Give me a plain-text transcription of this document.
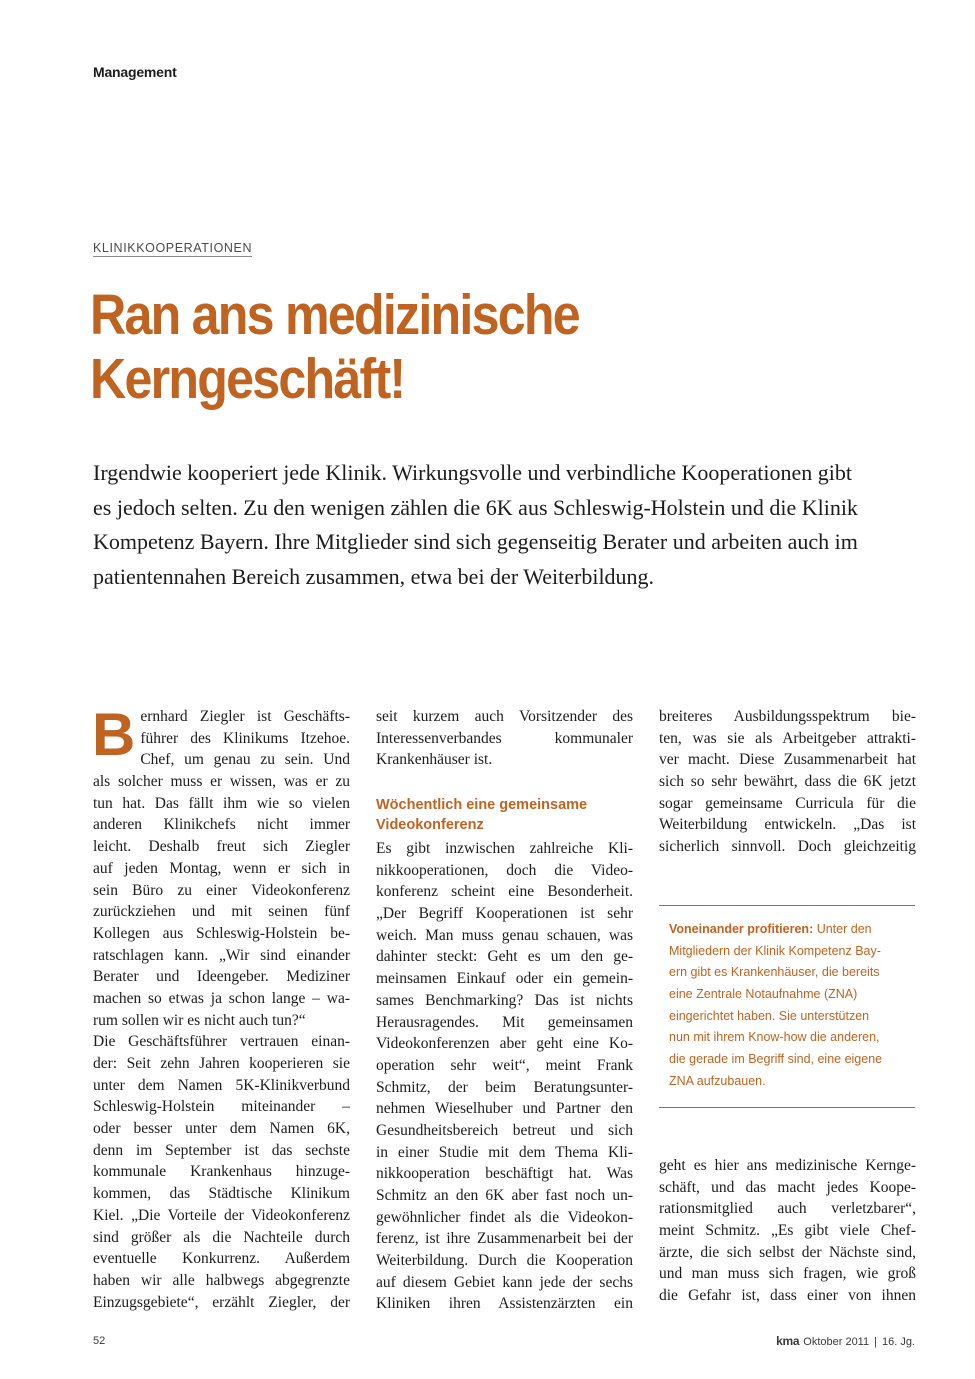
Management
KLINIKKOOPERATIONEN
Ran ans medizinische
Kerngeschäft!

Irgendwie kooperiert jede Klinik. Wirkungsvolle und verbindliche Kooperationen gibt
es jedoch selten. Zu den wenigen zählen die 6K aus Schleswig-Holstein und die Klinik
Kompetenz Bayern. Ihre Mitglieder sind sich gegenseitig Berater und arbeiten auch im
patientennahen Bereich zusammen, etwa bei der Weiterbildung.

B ernhard Ziegler ist Geschäfts-
führer des Klinikums Itzehoe.
Chef, um genau zu sein. Und
als solcher muss er wissen, was er zu
tun hat. Das fällt ihm wie so vielen
anderen Klinikchefs nicht immer
leicht. Deshalb freut sich Ziegler
auf jeden Montag, wenn er sich in
sein Büro zu einer Videokonferenz
zurückziehen und mit seinen fünf
Kollegen aus Schleswig-Holstein be-
ratschlagen kann. „Wir sind einander
Berater und Ideengeber. Mediziner
machen so etwas ja schon lange – wa-
rum sollen wir es nicht auch tun?“
Die Geschäftsführer vertrauen einan-
der: Seit zehn Jahren kooperieren sie
unter dem Namen 5K-Klinikverbund
Schleswig-Holstein miteinander –
oder besser unter dem Namen 6K,
denn im September ist das sechste
kommunale Krankenhaus hinzuge-
kommen, das Städtische Klinikum
Kiel. „Die Vorteile der Videokonferenz
sind größer als die Nachteile durch
eventuelle Konkurrenz. Außerdem
haben wir alle halbwegs abgegrenzte
Einzugsgebiete“, erzählt Ziegler, der
seit kurzem auch Vorsitzender des
Interessenverbandes kommunaler
Krankenhäuser ist.
Wöchentlich eine gemeinsame
Videokonferenz
Es gibt inzwischen zahlreiche Kli-
nikkooperationen, doch die Video-
konferenz scheint eine Besonderheit.
„Der Begriff Kooperationen ist sehr
weich. Man muss genau schauen, was
dahinter steckt: Geht es um den ge-
meinsamen Einkauf oder ein gemein-
sames Benchmarking? Das ist nichts
Herausragendes. Mit gemeinsamen
Videokonferenzen aber geht eine Ko-
operation sehr weit“, meint Frank
Schmitz, der beim Beratungsunter-
nehmen Wieselhuber und Partner den
Gesundheitsbereich betreut und sich
in einer Studie mit dem Thema Kli-
nikkooperation beschäftigt hat. Was
Schmitz an den 6K aber fast noch un-
gewöhnlicher findet als die Videokon-
ferenz, ist ihre Zusammenarbeit bei der
Weiterbildung. Durch die Kooperation
auf diesem Gebiet kann jede der sechs
Kliniken ihren Assistenzärzten ein
breiteres Ausbildungsspektrum bie-
ten, was sie als Arbeitgeber attrakti-
ver macht. Diese Zusammenarbeit hat
sich so sehr bewährt, dass die 6K jetzt
sogar gemeinsame Curricula für die
Weiterbildung entwickeln. „Das ist
sicherlich sinnvoll. Doch gleichzeitig
Voneinander profitieren: Unter den
Mitgliedern der Klinik Kompetenz Bay-
ern gibt es Krankenhäuser, die bereits
eine Zentrale Notaufnahme (ZNA)
eingerichtet haben. Sie unterstützen
nun mit ihrem Know-how die anderen,
die gerade im Begriff sind, eine eigene
ZNA aufzubauen.
geht es hier ans medizinische Kernge-
schäft, und das macht jedes Koope-
rationsmitglied auch verletzbarer“,
meint Schmitz. „Es gibt viele Chef-
ärzte, die sich selbst der Nächste sind,
und man muss sich fragen, wie groß
die Gefahr ist, dass einer von ihnen
52	kma Oktober 2011 | 16. Jg.
